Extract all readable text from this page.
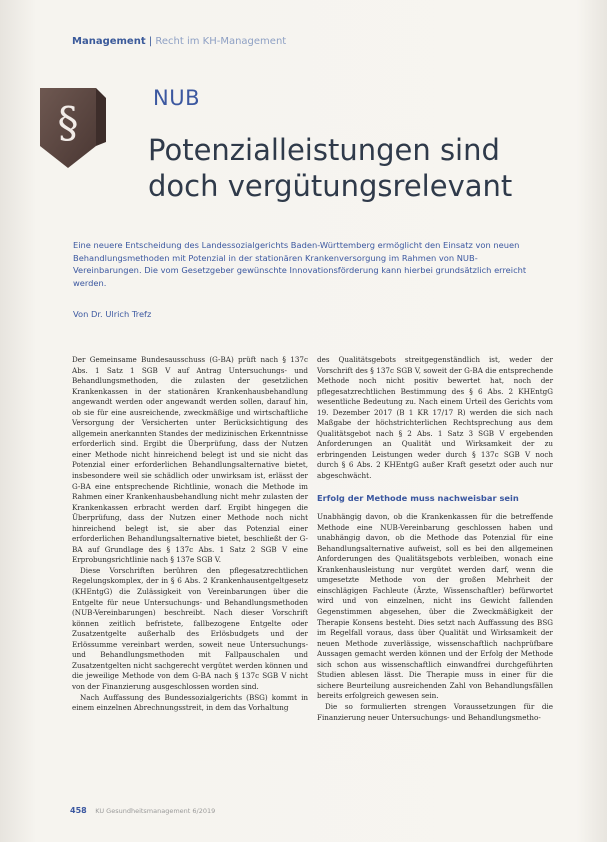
Management | Recht im KH-Management
§	NUB
Potenzialleistungen sind doch vergütungsrelevant
Eine neuere Entscheidung des Landessozialgerichts Baden-Württemberg ermöglicht den Einsatz von neuen Behandlungsmethoden mit Potenzial in der stationären Krankenversorgung im Rahmen von NUB-Vereinbarungen. Die vom Gesetzgeber gewünschte Innovationsförderung kann hierbei grundsätzlich erreicht werden.
Von Dr. Ulrich Trefz

Der Gemeinsame Bundesausschuss (G-BA) prüft nach § 137c Abs. 1 Satz 1 SGB V auf Antrag Untersuchungs- und Behandlungsmethoden, die zulasten der gesetzlichen Krankenkassen in der stationären Krankenhausbehandlung angewandt werden oder angewandt werden sollen, darauf hin, ob sie für eine ausreichende, zweckmäßige und wirtschaftliche Versorgung der Versicherten unter Berücksichtigung des allgemein anerkannten Standes der medizinischen Erkenntnisse erforderlich sind. Ergibt die Überprüfung, dass der Nutzen einer Methode nicht hinreichend belegt ist und sie nicht das Potenzial einer erforderlichen Behandlungsalternative bietet, insbesondere weil sie schädlich oder unwirksam ist, erlässt der G-BA eine entsprechende Richtlinie, wonach die Methode im Rahmen einer Krankenhausbehandlung nicht mehr zulasten der Krankenkassen erbracht werden darf. Ergibt hingegen die Überprüfung, dass der Nutzen einer Methode noch nicht hinreichend belegt ist, sie aber das Potenzial einer erforderlichen Behandlungsalternative bietet, beschließt der G-BA auf Grundlage des § 137c Abs. 1 Satz 2 SGB V eine Erprobungsrichtlinie nach § 137e SGB V.

Diese Vorschriften berühren den pflegesatzrechtlichen Regelungskomplex, der in § 6 Abs. 2 Krankenhausentgeltgesetz (KHEntgG) die Zulässigkeit von Vereinbarungen über die Entgelte für neue Untersuchungs- und Behandlungsmethoden (NUB-Vereinbarungen) beschreibt. Nach dieser Vorschrift können zeitlich befristete, fallbezogene Entgelte oder Zusatzentgelte außerhalb des Erlösbudgets und der Erlössumme vereinbart werden, soweit neue Untersuchungs- und Behandlungsmethoden mit Fallpauschalen und Zusatzentgelten nicht sachgerecht vergütet werden können und die jeweilige Methode von dem G-BA nach § 137c SGB V nicht von der Finanzierung ausgeschlossen worden sind.

Nach Auffassung des Bundessozialgerichts (BSG) kommt in einem einzelnen Abrechnungsstreit, in dem das Vorhaltung

des Qualitätsgebots streitgegenständlich ist, weder der Vorschrift des § 137c SGB V, soweit der G-BA die entsprechende Methode noch nicht positiv bewertet hat, noch der pflegesatzrechtlichen Bestimmung des § 6 Abs. 2 KHEntgG wesentliche Bedeutung zu. Nach einem Urteil des Gerichts vom 19. Dezember 2017 (B 1 KR 17/17 R) werden die sich nach Maßgabe der höchstrichterlichen Rechtsprechung aus dem Qualitätsgebot nach § 2 Abs. 1 Satz 3 SGB V ergebenden Anforderungen an Qualität und Wirksamkeit der zu erbringenden Leistungen weder durch § 137c SGB V noch durch § 6 Abs. 2 KHEntgG außer Kraft gesetzt oder auch nur abgeschwächt.

Erfolg der Methode muss nachweisbar sein

Unabhängig davon, ob die Krankenkassen für die betreffende Methode eine NUB-Vereinbarung geschlossen haben und unabhängig davon, ob die Methode das Potenzial für eine Behandlungsalternative aufweist, soll es bei den allgemeinen Anforderungen des Qualitätsgebots verbleiben, wonach eine Krankenhausleistung nur vergütet werden darf, wenn die umgesetzte Methode von der großen Mehrheit der einschlägigen Fachleute (Ärzte, Wissenschaftler) befürwortet wird und von einzelnen, nicht ins Gewicht fallenden Gegenstimmen abgesehen, über die Zweckmäßigkeit der Therapie Konsens besteht. Dies setzt nach Auffassung des BSG im Regelfall voraus, dass über Qualität und Wirksamkeit der neuen Methode zuverlässige, wissenschaftlich nachprüfbare Aussagen gemacht werden können und der Erfolg der Methode sich schon aus wissenschaftlich einwandfrei durchgeführten Studien ablesen lässt. Die Therapie muss in einer für die sichere Beurteilung ausreichenden Zahl von Behandlungsfällen bereits erfolgreich gewesen sein.

Die so formulierten strengen Voraussetzungen für die Finanzierung neuer Untersuchungs- und Behandlungsmetho-

458 KU Gesundheitsmanagement 6/2019
